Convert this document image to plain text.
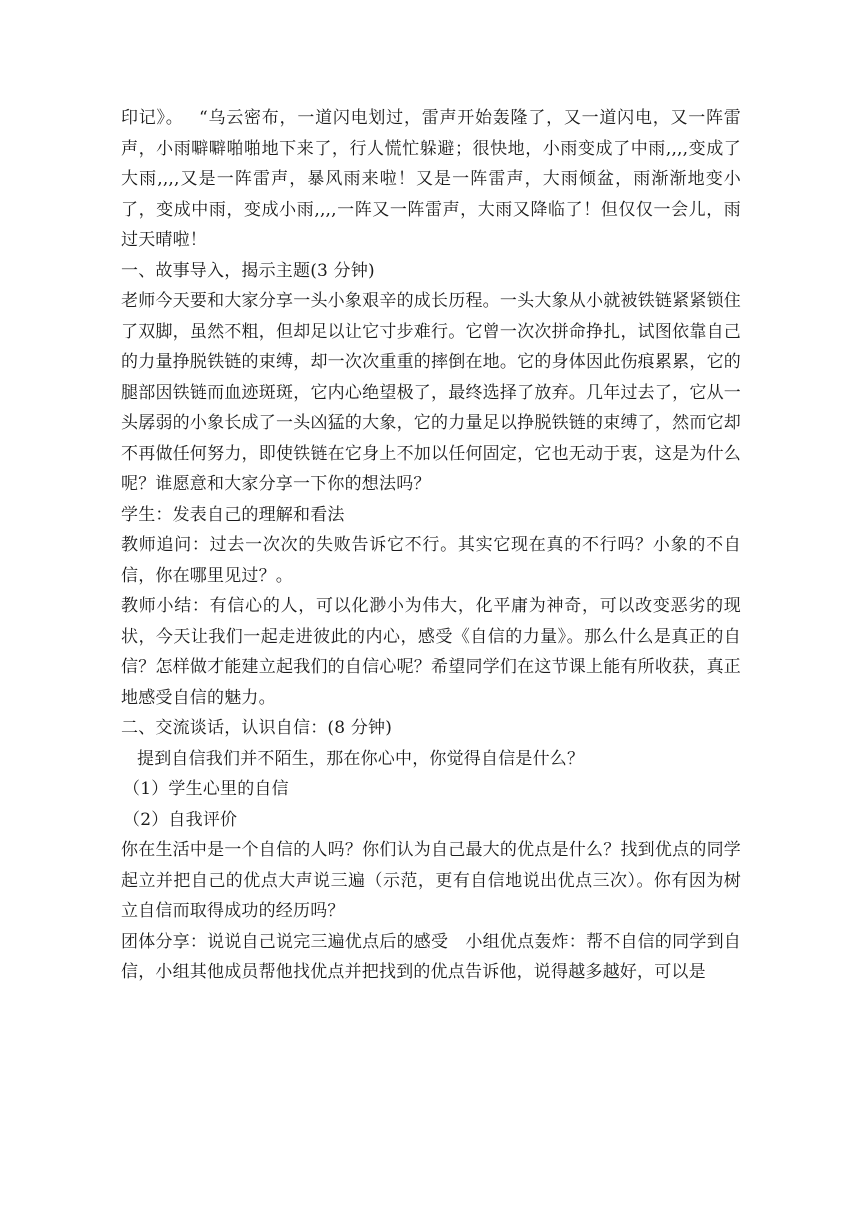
印记》。　 “乌云密布，一道闪电划过，雷声开始轰隆了，又一道闪电，又一阵雷声，小雨噼噼啪啪地下来了，行人慌忙躲避；很快地，小雨变成了中雨,,,,变成了大雨,,,,又是一阵雷声，暴风雨来啦！又是一阵雷声，大雨倾盆，雨渐渐地变小了，变成中雨，变成小雨,,,,一阵又一阵雷声，大雨又降临了！但仅仅一会儿，雨过天晴啦！

一、故事导入，揭示主题(3 分钟)

老师今天要和大家分享一头小象艰辛的成长历程。一头大象从小就被铁链紧紧锁住了双脚，虽然不粗，但却足以让它寸步难行。它曾一次次拼命挣扎，试图依靠自己的力量挣脱铁链的束缚，却一次次重重的摔倒在地。它的身体因此伤痕累累，它的腿部因铁链而血迹斑斑，它内心绝望极了，最终选择了放弃。几年过去了，它从一头孱弱的小象长成了一头凶猛的大象，它的力量足以挣脱铁链的束缚了，然而它却不再做任何努力，即使铁链在它身上不加以任何固定，它也无动于衷，这是为什么呢？谁愿意和大家分享一下你的想法吗？

学生：发表自己的理解和看法

教师追问：过去一次次的失败告诉它不行。其实它现在真的不行吗？小象的不自信，你在哪里见过？。

教师小结：有信心的人，可以化渺小为伟大，化平庸为神奇，可以改变恶劣的现状，今天让我们一起走进彼此的内心，感受《自信的力量》。那么什么是真正的自信？怎样做才能建立起我们的自信心呢？希望同学们在这节课上能有所收获，真正地感受自信的魅力。

二、交流谈话，认识自信：(8 分钟)

提到自信我们并不陌生，那在你心中，你觉得自信是什么？

（1）学生心里的自信

（2）自我评价

你在生活中是一个自信的人吗？你们认为自己最大的优点是什么？找到优点的同学起立并把自己的优点大声说三遍（示范，更有自信地说出优点三次）。你有因为树立自信而取得成功的经历吗？

团体分享：说说自己说完三遍优点后的感受　小组优点轰炸：帮不自信的同学到自信，小组其他成员帮他找优点并把找到的优点告诉他，说得越多越好，可以是
